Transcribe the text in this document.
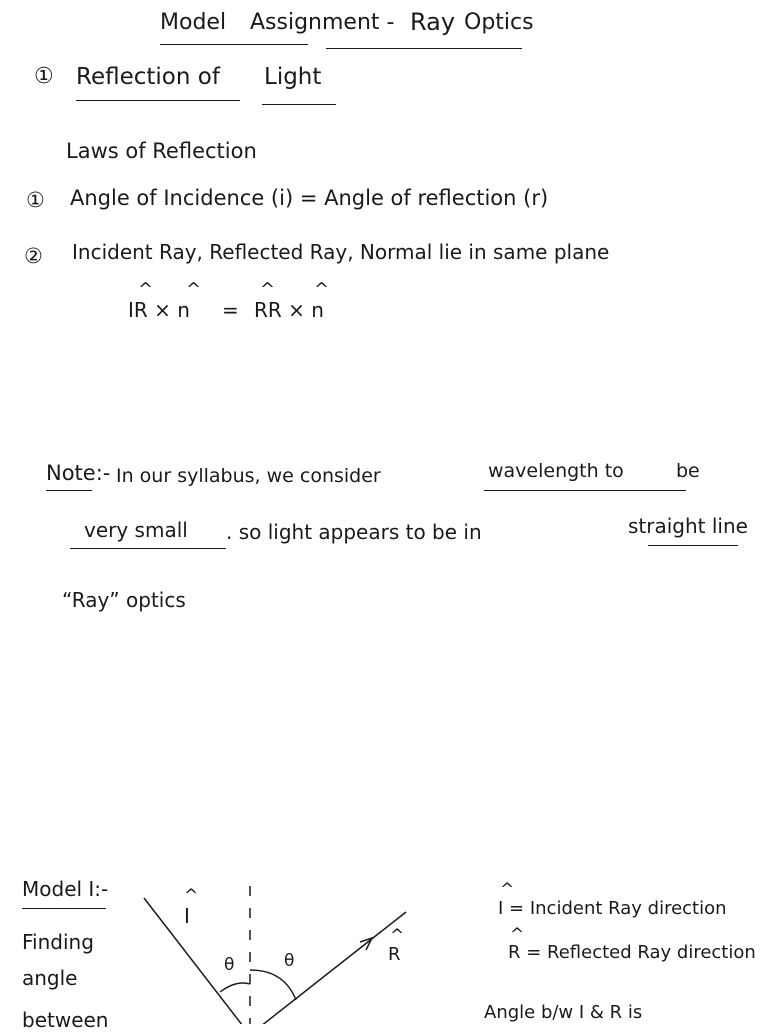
Model Assignment - Ray Optics
① Reflection of Light
Laws of Reflection
① Angle of Incidence (i) = Angle of reflection (r)
② Incident Ray, Reflected Ray, Normal lie in same plane
^ ^	^ ^
IR × n = RR × n
Note:- In our syllabus, we consider	wavelength to	be
very small . so light appears to be in	straight line
“Ray” optics
Model I:-
Finding
angle
between
^
I
^
R
θ	θ
^
I = Incident Ray direction
^
R = Reflected Ray direction
Angle b/w I & R is
